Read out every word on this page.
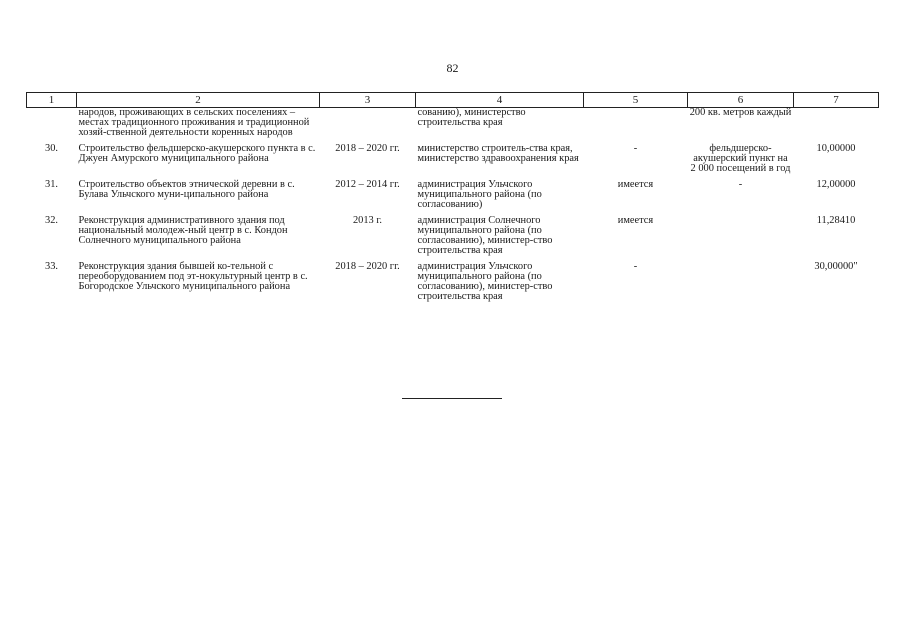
82
1	2	3	4	5	6	7
	народов, проживающих в сельских поселениях – местах традиционного проживания и традиционной хозяй-ственной деятельности коренных народов		сованию), министерство строительства края		200 кв. метров каждый	
30.	Строительство фельдшерско-акушерского пункта в с. Джуен Амурского муниципального района	2018 – 2020 гг.	министерство строитель-ства края, министерство здравоохранения края	-	фельдшерско-акушерский пункт на 2 000 посещений в год	10,00000
31.	Строительство объектов этнической деревни в с. Булава Ульчского муни-ципального района	2012 – 2014 гг.	администрация Ульчского муниципального района (по согласованию)	имеется	-	12,00000
32.	Реконструкция административного здания под национальный молодеж-ный центр в с. Кондон Солнечного муниципального района	2013 г.	администрация Солнечного муниципального района (по согласованию), министер-ство строительства края	имеется		11,28410
33.	Реконструкция здания бывшей ко-тельной с переоборудованием под эт-нокультурный центр в с. Богородское Ульчского муниципального района	2018 – 2020 гг.	администрация Ульчского муниципального района (по согласованию), министер-ство строительства края	-		30,00000"
